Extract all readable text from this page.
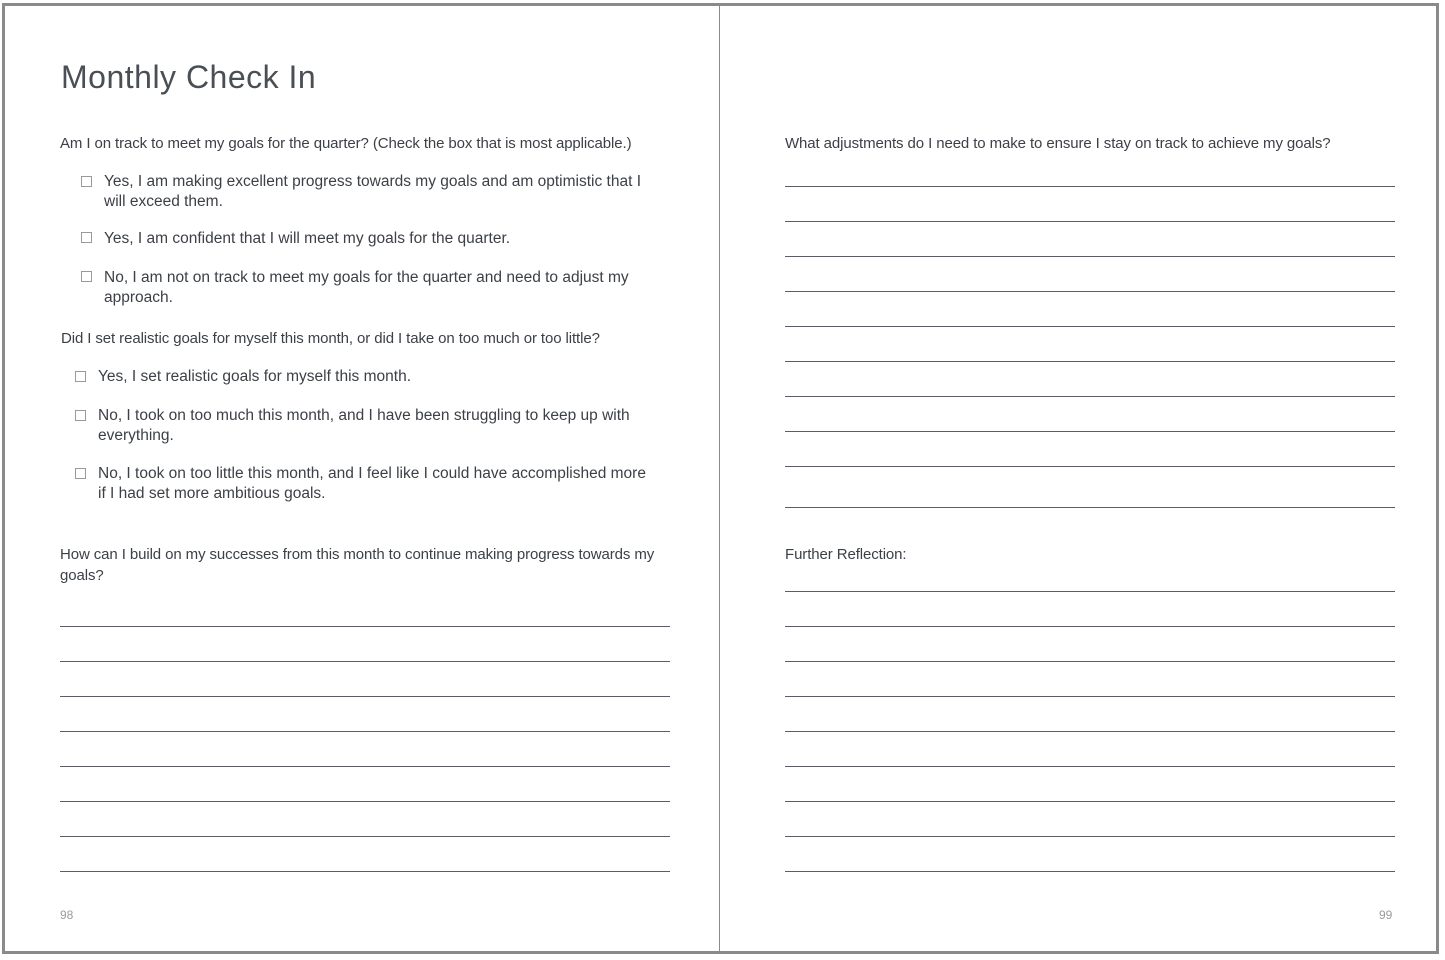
Monthly Check In
Am I on track to meet my goals for the quarter? (Check the box that is most applicable.)
Yes, I am making excellent progress towards my goals and am optimistic that I will exceed them.
Yes, I am confident that I will meet my goals for the quarter.
No, I am not on track to meet my goals for the quarter and need to adjust my approach.
Did I set realistic goals for myself this month, or did I take on too much or too little?
Yes, I set realistic goals for myself this month.
No, I took on too much this month, and I have been struggling to keep up with everything.
No, I took on too little this month, and I feel like I could have accomplished more if I had set more ambitious goals.
How can I build on my successes from this month to continue making progress towards my goals?
98
What adjustments do I need to make to ensure I stay on track to achieve my goals?
Further Reflection:
99
